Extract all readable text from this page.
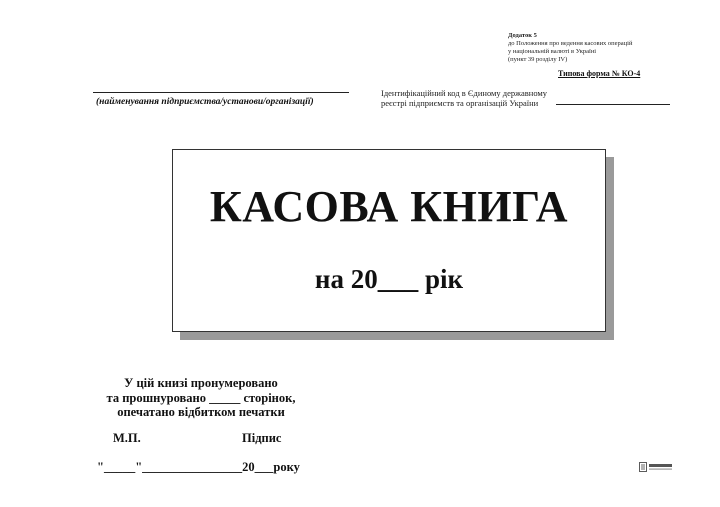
Додаток 5
до Положення про ведення касових операцій
у національній валюті в Україні
(пункт 39 розділу IV)
Типова форма № КО-4
(найменування підприємства/установи/організації)
Ідентифікаційний код в Єдиному державному
реєстрі підприємств та організацій України
КАСОВА КНИГА
на 20___ рік
У цій книзі пронумеровано
та прошнуровано _____ сторінок,
опечатано відбитком печатки
М.П.	Підпис
"_____"________________20___року
